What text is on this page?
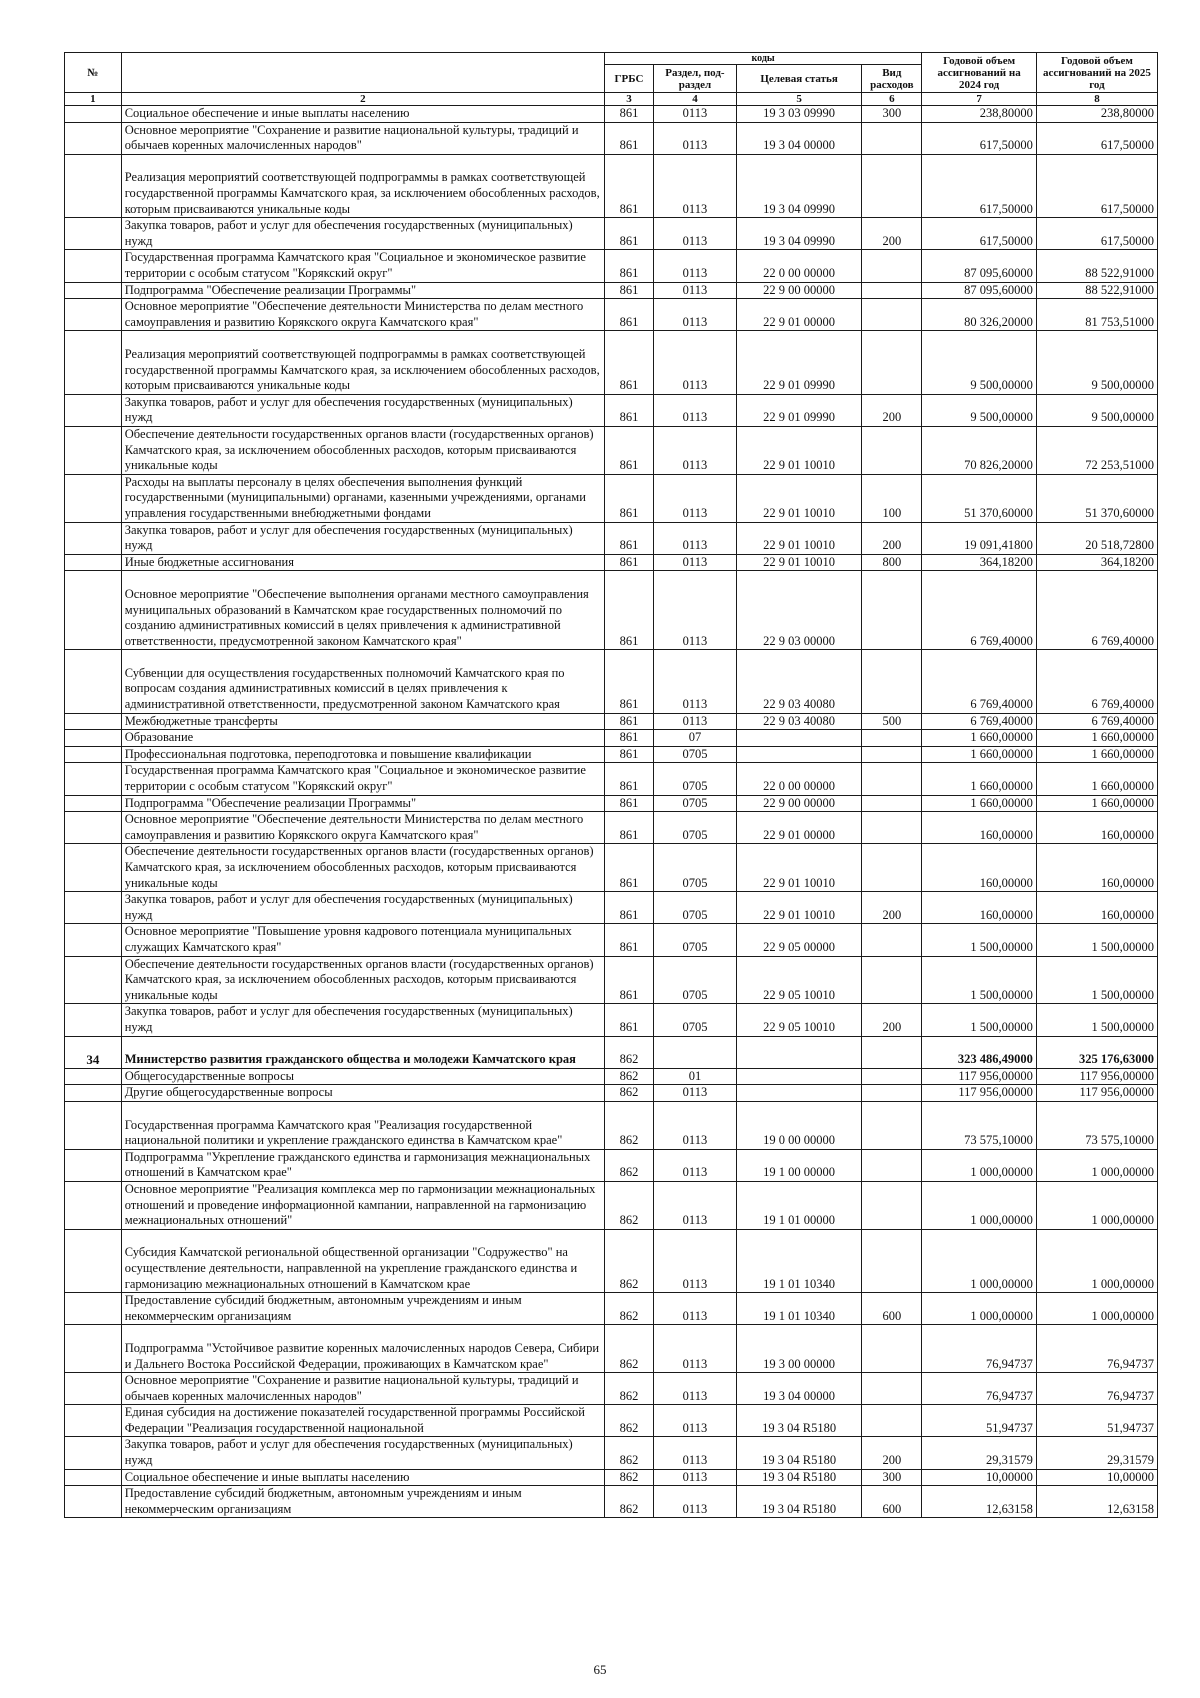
№		коды				Годовой объем ассигнований на 2024 год	Годовой объем ассигнований на 2025 год
		ГРБС	Раздел, под-раздел	Целевая статья	Вид расходов		
1	2	3	4	5	6	7	8
	Социальное обеспечение и иные выплаты населению	861	0113	19 3 03 09990	300	238,80000	238,80000
	Основное мероприятие "Сохранение и развитие национальной культуры, традиций и обычаев коренных малочисленных народов"	861	0113	19 3 04 00000		617,50000	617,50000
	Реализация мероприятий соответствующей подпрограммы в рамках соответствующей государственной программы Камчатского края, за исключением обособленных расходов, которым присваиваются уникальные коды	861	0113	19 3 04 09990		617,50000	617,50000
	Закупка товаров, работ и услуг для обеспечения государственных (муниципальных) нужд	861	0113	19 3 04 09990	200	617,50000	617,50000
	Государственная программа Камчатского края "Социальное и экономическое развитие территории с особым статусом "Корякский округ"	861	0113	22 0 00 00000		87 095,60000	88 522,91000
	Подпрограмма "Обеспечение реализации Программы"	861	0113	22 9 00 00000		87 095,60000	88 522,91000
	Основное мероприятие "Обеспечение деятельности Министерства по делам местного самоуправления и развитию Корякского округа Камчатского края"	861	0113	22 9 01 00000		80 326,20000	81 753,51000
	Реализация мероприятий соответствующей подпрограммы в рамках соответствующей государственной программы Камчатского края, за исключением обособленных расходов, которым присваиваются уникальные коды	861	0113	22 9 01 09990		9 500,00000	9 500,00000
	Закупка товаров, работ и услуг для обеспечения государственных (муниципальных) нужд	861	0113	22 9 01 09990	200	9 500,00000	9 500,00000
	Обеспечение деятельности государственных органов власти (государственных органов) Камчатского края, за исключением обособленных расходов, которым присваиваются уникальные коды	861	0113	22 9 01 10010		70 826,20000	72 253,51000
	Расходы на выплаты персоналу в целях обеспечения выполнения функций государственными (муниципальными) органами, казенными учреждениями, органами управления государственными внебюджетными фондами	861	0113	22 9 01 10010	100	51 370,60000	51 370,60000
	Закупка товаров, работ и услуг для обеспечения государственных (муниципальных) нужд	861	0113	22 9 01 10010	200	19 091,41800	20 518,72800
	Иные бюджетные ассигнования	861	0113	22 9 01 10010	800	364,18200	364,18200
	Основное мероприятие "Обеспечение выполнения органами местного самоуправления муниципальных образований в Камчатском крае государственных полномочий по созданию административных комиссий в целях привлечения к административной ответственности, предусмотренной законом Камчатского края"	861	0113	22 9 03 00000		6 769,40000	6 769,40000
	Субвенции для осуществления государственных полномочий Камчатского края по вопросам создания административных комиссий в целях привлечения к административной ответственности, предусмотренной законом Камчатского края	861	0113	22 9 03 40080		6 769,40000	6 769,40000
	Межбюджетные трансферты	861	0113	22 9 03 40080	500	6 769,40000	6 769,40000
	Образование	861	07			1 660,00000	1 660,00000
	Профессиональная подготовка, переподготовка и повышение квалификации	861	0705			1 660,00000	1 660,00000
	Государственная программа Камчатского края "Социальное и экономическое развитие территории с особым статусом "Корякский округ"	861	0705	22 0 00 00000		1 660,00000	1 660,00000
	Подпрограмма "Обеспечение реализации Программы"	861	0705	22 9 00 00000		1 660,00000	1 660,00000
	Основное мероприятие "Обеспечение деятельности Министерства по делам местного самоуправления и развитию Корякского округа Камчатского края"	861	0705	22 9 01 00000		160,00000	160,00000
	Обеспечение деятельности государственных органов власти (государственных органов) Камчатского края, за исключением обособленных расходов, которым присваиваются уникальные коды	861	0705	22 9 01 10010		160,00000	160,00000
	Закупка товаров, работ и услуг для обеспечения государственных (муниципальных) нужд	861	0705	22 9 01 10010	200	160,00000	160,00000
	Основное мероприятие "Повышение уровня кадрового потенциала муниципальных служащих Камчатского края"	861	0705	22 9 05 00000		1 500,00000	1 500,00000
	Обеспечение деятельности государственных органов власти (государственных органов) Камчатского края, за исключением обособленных расходов, которым присваиваются уникальные коды	861	0705	22 9 05 10010		1 500,00000	1 500,00000
	Закупка товаров, работ и услуг для обеспечения государственных (муниципальных) нужд	861	0705	22 9 05 10010	200	1 500,00000	1 500,00000
34	Министерство развития гражданского общества и молодежи Камчатского края	862				323 486,49000	325 176,63000
	Общегосударственные вопросы	862	01			117 956,00000	117 956,00000
	Другие общегосударственные вопросы	862	0113			117 956,00000	117 956,00000
	Государственная программа Камчатского края "Реализация государственной национальной политики и укрепление гражданского единства в Камчатском крае"	862	0113	19 0 00 00000		73 575,10000	73 575,10000
	Подпрограмма "Укрепление гражданского единства и гармонизация межнациональных отношений в Камчатском крае"	862	0113	19 1 00 00000		1 000,00000	1 000,00000
	Основное мероприятие "Реализация комплекса мер по гармонизации межнациональных отношений и проведение информационной кампании, направленной на гармонизацию межнациональных отношений"	862	0113	19 1 01 00000		1 000,00000	1 000,00000
	Субсидия Камчатской региональной общественной организации "Содружество" на осуществление деятельности, направленной на укрепление гражданского единства и гармонизацию межнациональных отношений в Камчатском крае	862	0113	19 1 01 10340		1 000,00000	1 000,00000
	Предоставление субсидий бюджетным, автономным учреждениям и иным некоммерческим организациям	862	0113	19 1 01 10340	600	1 000,00000	1 000,00000
	Подпрограмма "Устойчивое развитие коренных малочисленных народов Севера, Сибири и Дальнего Востока Российской Федерации, проживающих в Камчатском крае"	862	0113	19 3 00 00000		76,94737	76,94737
	Основное мероприятие "Сохранение и развитие национальной культуры, традиций и обычаев коренных малочисленных народов"	862	0113	19 3 04 00000		76,94737	76,94737
	Единая субсидия на достижение показателей государственной программы Российской Федерации "Реализация государственной национальной	862	0113	19 3 04 R5180		51,94737	51,94737
	Закупка товаров, работ и услуг для обеспечения государственных (муниципальных) нужд	862	0113	19 3 04 R5180	200	29,31579	29,31579
	Социальное обеспечение и иные выплаты населению	862	0113	19 3 04 R5180	300	10,00000	10,00000
	Предоставление субсидий бюджетным, автономным учреждениям и иным некоммерческим организациям	862	0113	19 3 04 R5180	600	12,63158	12,63158
65
